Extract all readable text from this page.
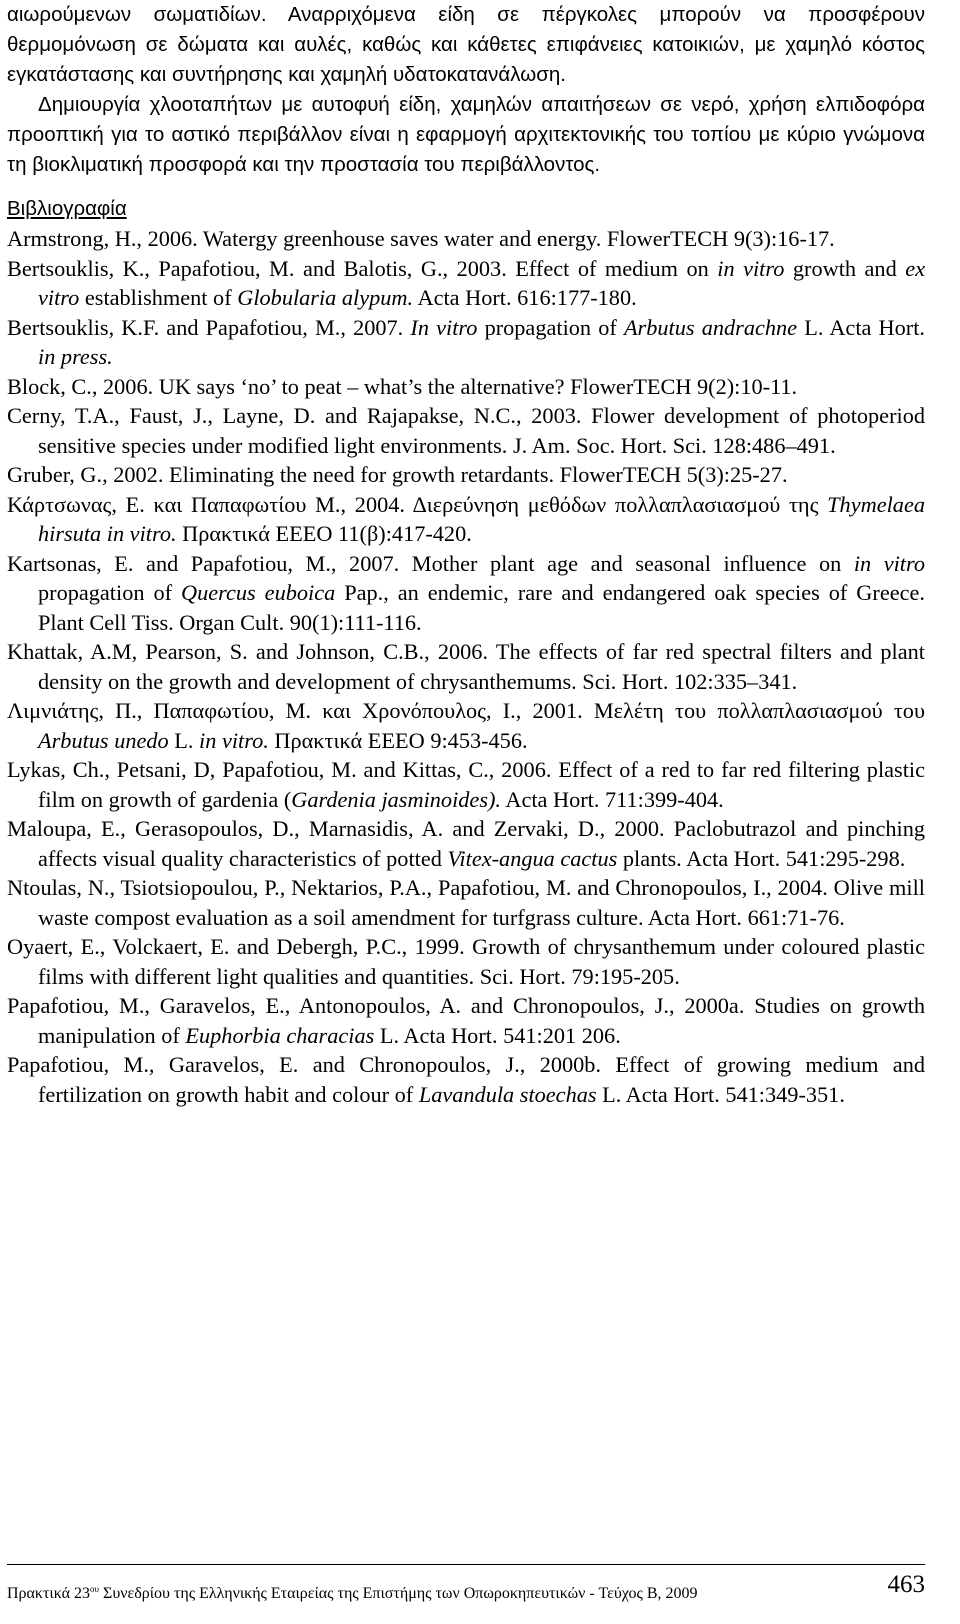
αιωρούμενων σωματιδίων. Αναρριχόμενα είδη σε πέργκολες μπορούν να προσφέρουν θερμομόνωση σε δώματα και αυλές, καθώς και κάθετες επιφάνειες κατοικιών, με χαμηλό κόστος εγκατάστασης και συντήρησης και χαμηλή υδατοκατανάλωση.

Δημιουργία χλοοταπήτων με αυτοφυή είδη, χαμηλών απαιτήσεων σε νερό, χρήση ελπιδοφόρα προοπτική για το αστικό περιβάλλον είναι η εφαρμογή αρχιτεκτονικής του τοπίου με κύριο γνώμονα τη βιοκλιματική προσφορά και την προστασία του περιβάλλοντος.

Βιβλιογραφία
Armstrong, H., 2006. Watergy greenhouse saves water and energy. FlowerTECH 9(3):16-17.
Bertsouklis, K., Papafotiou, M. and Balotis, G., 2003. Effect of medium on in vitro growth and ex vitro establishment of Globularia alypum. Acta Hort. 616:177-180.
Bertsouklis, K.F. and Papafotiou, M., 2007. In vitro propagation of Arbutus andrachne L. Acta Hort. in press.
Block, C., 2006. UK says ‘no’ to peat – what’s the alternative? FlowerTECH 9(2):10-11.
Cerny, T.A., Faust, J., Layne, D. and Rajapakse, N.C., 2003. Flower development of photoperiod sensitive species under modified light environments. J. Am. Soc. Hort. Sci. 128:486–491.
Gruber, G., 2002. Eliminating the need for growth retardants. FlowerTECH 5(3):25-27.
Κάρτσωνας, Ε. και Παπαφωτίου Μ., 2004. Διερεύνηση μεθόδων πολλαπλασιασμού της Thymelaea hirsuta in vitro. Πρακτικά ΕΕΕΟ 11(β):417-420.
Kartsonas, E. and Papafotiou, M., 2007. Mother plant age and seasonal influence on in vitro propagation of Quercus euboica Pap., an endemic, rare and endangered oak species of Greece. Plant Cell Tiss. Organ Cult. 90(1):111-116.
Khattak, A.M, Pearson, S. and Johnson, C.B., 2006. The effects of far red spectral filters and plant density on the growth and development of chrysanthemums. Sci. Hort. 102:335–341.
Λιμνιάτης, Π., Παπαφωτίου, Μ. και Χρονόπουλος, Ι., 2001. Μελέτη του πολλαπλασιασμού του Arbutus unedo L. in vitro. Πρακτικά ΕΕΕΟ 9:453-456.
Lykas, Ch., Petsani, D, Papafotiou, M. and Kittas, C., 2006. Effect of a red to far red filtering plastic film on growth of gardenia (Gardenia jasminoides). Acta Hort. 711:399-404.
Maloupa, E., Gerasopoulos, D., Marnasidis, A. and Zervaki, D., 2000. Paclobutrazol and pinching affects visual quality characteristics of potted Vitex-angua cactus plants. Acta Hort. 541:295-298.
Ntoulas, N., Tsiotsiopoulou, P., Nektarios, P.A., Papafotiou, M. and Chronopoulos, I., 2004. Olive mill waste compost evaluation as a soil amendment for turfgrass culture. Acta Hort. 661:71-76.
Oyaert, E., Volckaert, E. and Debergh, P.C., 1999. Growth of chrysanthemum under coloured plastic films with different light qualities and quantities. Sci. Hort. 79:195-205.
Papafotiou, M., Garavelos, E., Antonopoulos, A. and Chronopoulos, J., 2000a. Studies on growth manipulation of Euphorbia characias L. Acta Hort. 541:201 206.
Papafotiou, M., Garavelos, E. and Chronopoulos, J., 2000b. Effect of growing medium and fertilization on growth habit and colour of Lavandula stoechas L. Acta Hort. 541:349-351.
Πρακτικά $23^{o\upsilon}$ Συνεδρίου της Ελληνικής Εταιρείας της Επιστήμης των Οπωροκηπευτικών - Τεύχος Β, 2009	463
